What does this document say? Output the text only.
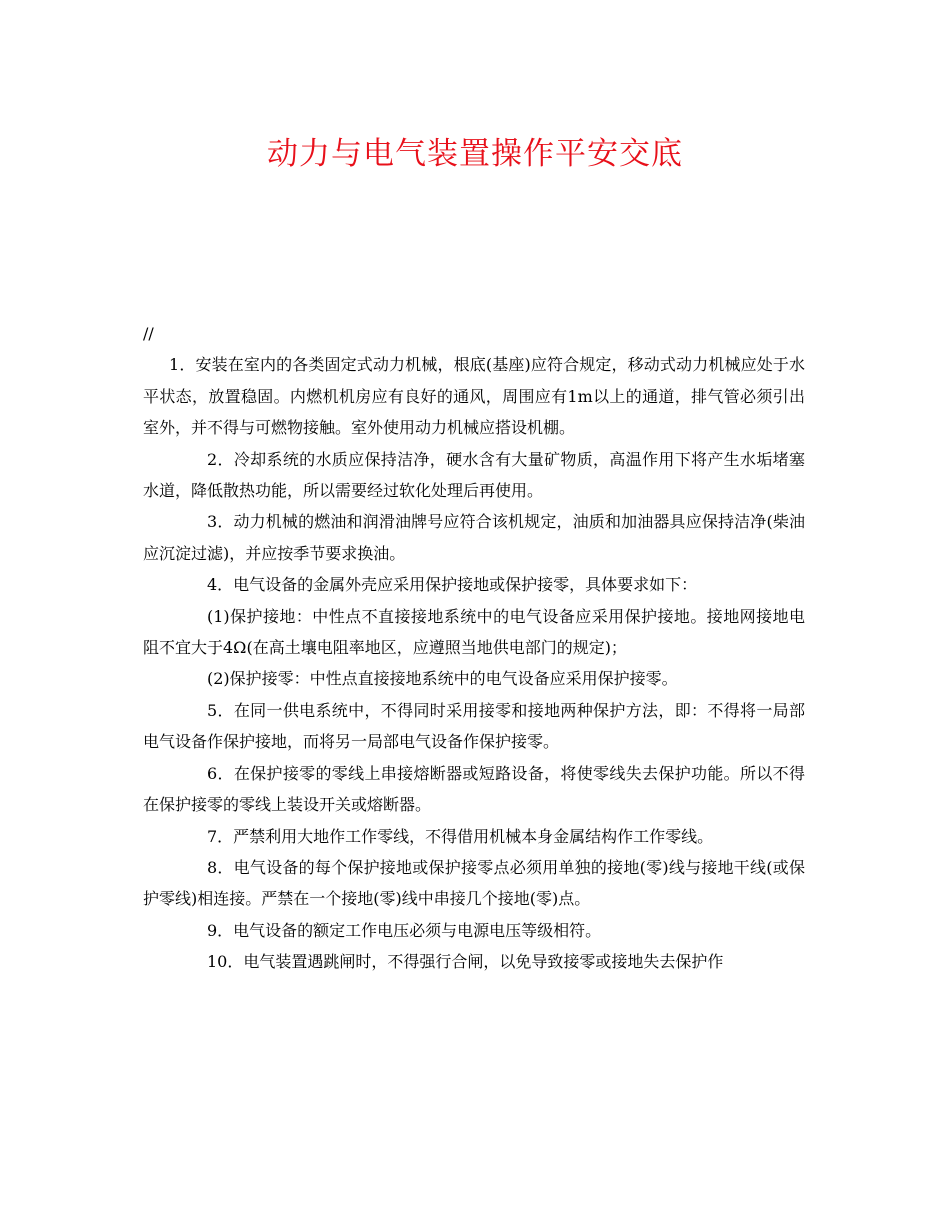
动力与电气装置操作平安交底

//

1．安装在室内的各类固定式动力机械，根底(基座)应符合规定，移动式动力机械应处于水平状态，放置稳固。内燃机机房应有良好的通风，周围应有1m以上的通道，排气管必须引出室外，并不得与可燃物接触。室外使用动力机械应搭设机棚。

2．冷却系统的水质应保持洁净，硬水含有大量矿物质，高温作用下将产生水垢堵塞水道，降低散热功能，所以需要经过软化处理后再使用。

3．动力机械的燃油和润滑油牌号应符合该机规定，油质和加油器具应保持洁净(柴油应沉淀过滤)，并应按季节要求换油。

4．电气设备的金属外壳应采用保护接地或保护接零，具体要求如下：

(1)保护接地：中性点不直接接地系统中的电气设备应采用保护接地。接地网接地电阻不宜大于4Ω(在高土壤电阻率地区，应遵照当地供电部门的规定)；

(2)保护接零：中性点直接接地系统中的电气设备应采用保护接零。

5．在同一供电系统中，不得同时采用接零和接地两种保护方法，即：不得将一局部电气设备作保护接地，而将另一局部电气设备作保护接零。

6．在保护接零的零线上串接熔断器或短路设备，将使零线失去保护功能。所以不得在保护接零的零线上装设开关或熔断器。

7．严禁利用大地作工作零线，不得借用机械本身金属结构作工作零线。

8．电气设备的每个保护接地或保护接零点必须用单独的接地(零)线与接地干线(或保护零线)相连接。严禁在一个接地(零)线中串接几个接地(零)点。

9．电气设备的额定工作电压必须与电源电压等级相符。

10．电气装置遇跳闸时，不得强行合闸，以免导致接零或接地失去保护作
